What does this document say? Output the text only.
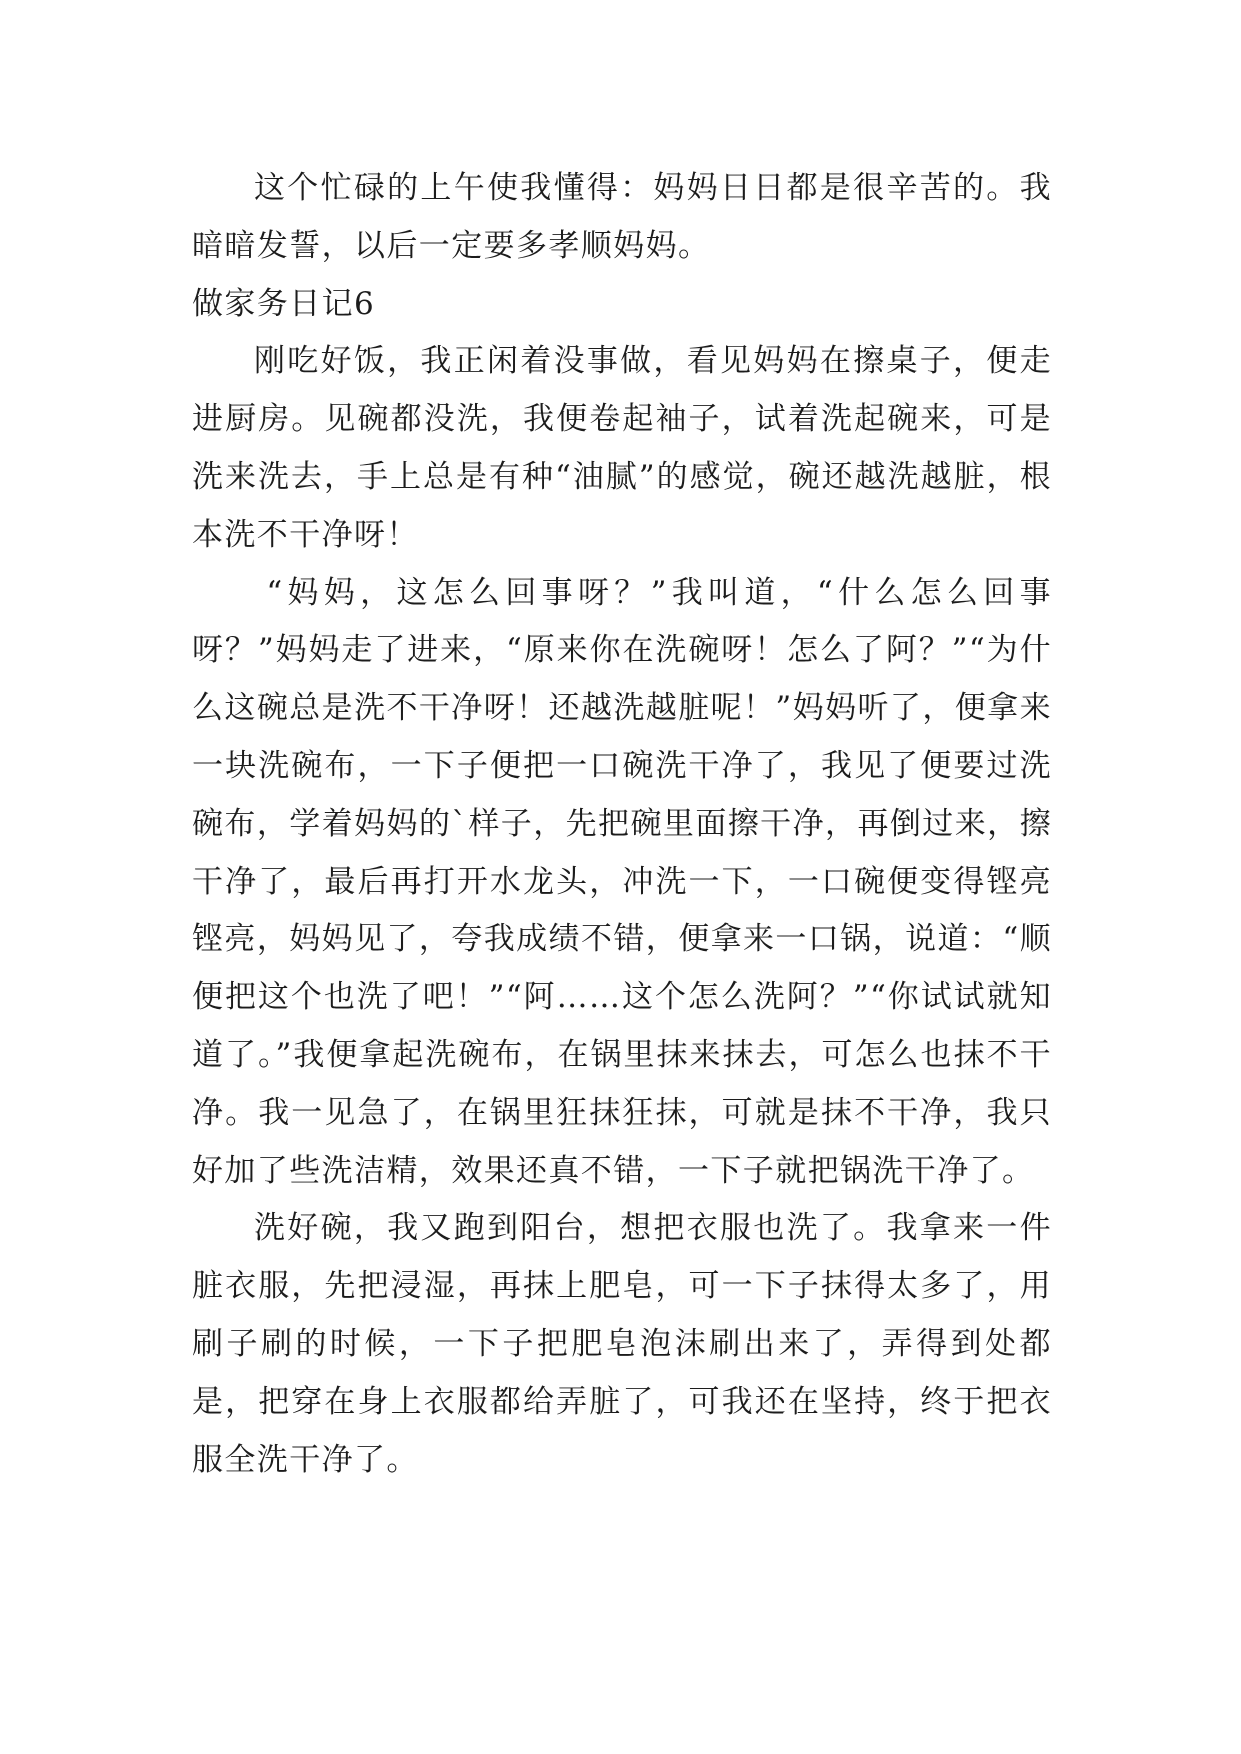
这个忙碌的上午使我懂得：妈妈日日都是很辛苦的。我暗暗发誓，以后一定要多孝顺妈妈。

做家务日记6

刚吃好饭，我正闲着没事做，看见妈妈在擦桌子，便走进厨房。见碗都没洗，我便卷起袖子，试着洗起碗来，可是洗来洗去，手上总是有种“油腻”的感觉，碗还越洗越脏，根本洗不干净呀！

“妈妈，这怎么回事呀？”我叫道，“什么怎么回事呀？”妈妈走了进来，“原来你在洗碗呀！怎么了阿？”“为什么这碗总是洗不干净呀！还越洗越脏呢！”妈妈听了，便拿来一块洗碗布，一下子便把一口碗洗干净了，我见了便要过洗碗布，学着妈妈的`样子，先把碗里面擦干净，再倒过来，擦干净了，最后再打开水龙头，冲洗一下，一口碗便变得铿亮铿亮，妈妈见了，夸我成绩不错，便拿来一口锅，说道：“顺便把这个也洗了吧！”“阿……这个怎么洗阿？”“你试试就知道了。”我便拿起洗碗布，在锅里抹来抹去，可怎么也抹不干净。我一见急了，在锅里狂抹狂抹，可就是抹不干净，我只好加了些洗洁精，效果还真不错，一下子就把锅洗干净了。

洗好碗，我又跑到阳台，想把衣服也洗了。我拿来一件脏衣服，先把浸湿，再抹上肥皂，可一下子抹得太多了，用刷子刷的时候，一下子把肥皂泡沫刷出来了，弄得到处都是，把穿在身上衣服都给弄脏了，可我还在坚持，终于把衣服全洗干净了。
